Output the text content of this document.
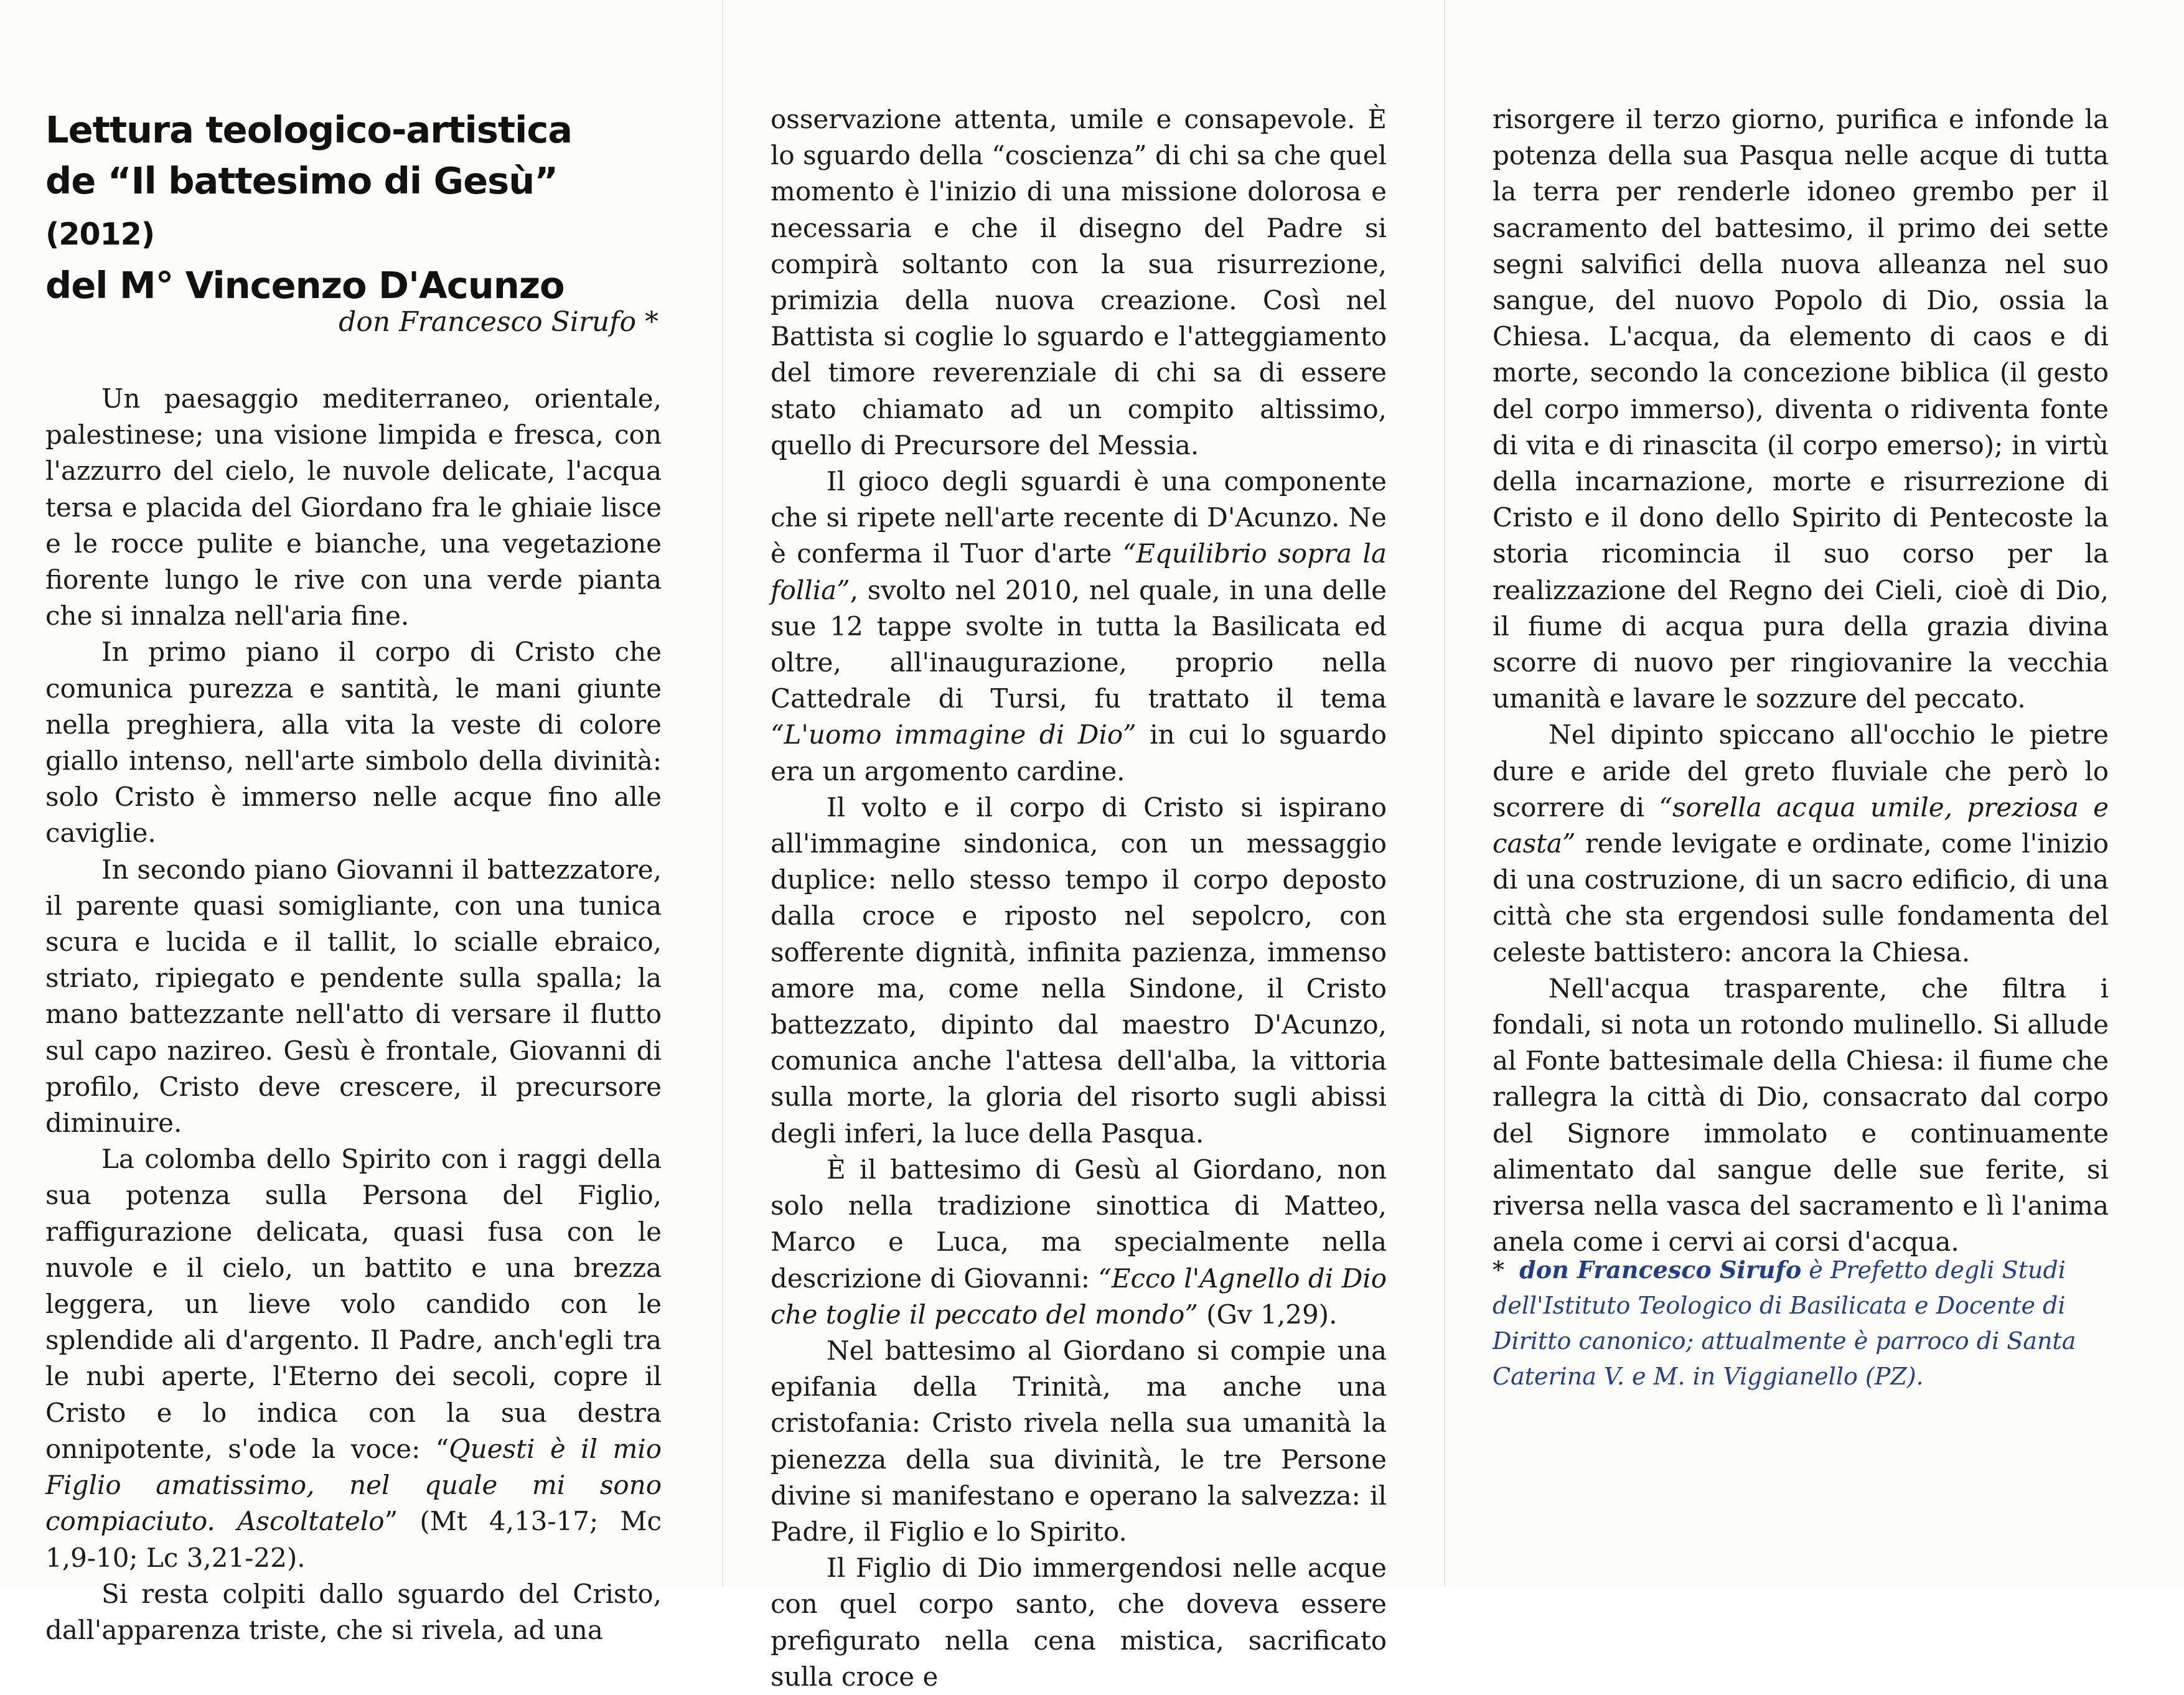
Lettura teologico-artistica
de “Il battesimo di Gesù” (2012)
del M° Vincenzo D'Acunzo
don Francesco Sirufo *

Un paesaggio mediterraneo, orientale, palestinese; una visione limpida e fresca, con l'azzurro del cielo, le nuvole delicate, l'acqua tersa e placida del Giordano fra le ghiaie lisce e le rocce pulite e bianche, una vegetazione fiorente lungo le rive con una verde pianta che si innalza nell'aria fine.

In primo piano il corpo di Cristo che comunica purezza e santità, le mani giunte nella preghiera, alla vita la veste di colore giallo intenso, nell'arte simbolo della divinità: solo Cristo è immerso nelle acque fino alle caviglie.

In secondo piano Giovanni il battezzatore, il parente quasi somigliante, con una tunica scura e lucida e il tallit, lo scialle ebraico, striato, ripiegato e pendente sulla spalla; la mano battezzante nell'atto di versare il flutto sul capo nazireo. Gesù è frontale, Giovanni di profilo, Cristo deve crescere, il precursore diminuire.

La colomba dello Spirito con i raggi della sua potenza sulla Persona del Figlio, raffigurazione delicata, quasi fusa con le nuvole e il cielo, un battito e una brezza leggera, un lieve volo candido con le splendide ali d'argento. Il Padre, anch'egli tra le nubi aperte, l'Eterno dei secoli, copre il Cristo e lo indica con la sua destra onnipotente, s'ode la voce: “Questi è il mio Figlio amatissimo, nel quale mi sono compiaciuto. Ascoltatelo” (Mt 4,13-17; Mc 1,9-10; Lc 3,21-22).

Si resta colpiti dallo sguardo del Cristo, dall'apparenza triste, che si rivela, ad una

osservazione attenta, umile e consapevole. È lo sguardo della “coscienza” di chi sa che quel momento è l'inizio di una missione dolorosa e necessaria e che il disegno del Padre si compirà soltanto con la sua risurrezione, primizia della nuova creazione. Così nel Battista si coglie lo sguardo e l'atteggiamento del timore reverenziale di chi sa di essere stato chiamato ad un compito altissimo, quello di Precursore del Messia.

Il gioco degli sguardi è una componente che si ripete nell'arte recente di D'Acunzo. Ne è conferma il Tuor d'arte “Equilibrio sopra la follia”, svolto nel 2010, nel quale, in una delle sue 12 tappe svolte in tutta la Basilicata ed oltre, all'inaugurazione, proprio nella Cattedrale di Tursi, fu trattato il tema “L'uomo immagine di Dio” in cui lo sguardo era un argomento cardine.

Il volto e il corpo di Cristo si ispirano all'immagine sindonica, con un messaggio duplice: nello stesso tempo il corpo deposto dalla croce e riposto nel sepolcro, con sofferente dignità, infinita pazienza, immenso amore ma, come nella Sindone, il Cristo battezzato, dipinto dal maestro D'Acunzo, comunica anche l'attesa dell'alba, la vittoria sulla morte, la gloria del risorto sugli abissi degli inferi, la luce della Pasqua.

È il battesimo di Gesù al Giordano, non solo nella tradizione sinottica di Matteo, Marco e Luca, ma specialmente nella descrizione di Giovanni: “Ecco l'Agnello di Dio che toglie il peccato del mondo” (Gv 1,29).

Nel battesimo al Giordano si compie una epifania della Trinità, ma anche una cristofania: Cristo rivela nella sua umanità la pienezza della sua divinità, le tre Persone divine si manifestano e operano la salvezza: il Padre, il Figlio e lo Spirito.

Il Figlio di Dio immergendosi nelle acque con quel corpo santo, che doveva essere prefigurato nella cena mistica, sacrificato sulla croce e

risorgere il terzo giorno, purifica e infonde la potenza della sua Pasqua nelle acque di tutta la terra per renderle idoneo grembo per il sacramento del battesimo, il primo dei sette segni salvifici della nuova alleanza nel suo sangue, del nuovo Popolo di Dio, ossia la Chiesa. L'acqua, da elemento di caos e di morte, secondo la concezione biblica (il gesto del corpo immerso), diventa o ridiventa fonte di vita e di rinascita (il corpo emerso); in virtù della incarnazione, morte e risurrezione di Cristo e il dono dello Spirito di Pentecoste la storia ricomincia il suo corso per la realizzazione del Regno dei Cieli, cioè di Dio, il fiume di acqua pura della grazia divina scorre di nuovo per ringiovanire la vecchia umanità e lavare le sozzure del peccato.

Nel dipinto spiccano all'occhio le pietre dure e aride del greto fluviale che però lo scorrere di “sorella acqua umile, preziosa e casta” rende levigate e ordinate, come l'inizio di una costruzione, di un sacro edificio, di una città che sta ergendosi sulle fondamenta del celeste battistero: ancora la Chiesa.

Nell'acqua trasparente, che filtra i fondali, si nota un rotondo mulinello. Si allude al Fonte battesimale della Chiesa: il fiume che rallegra la città di Dio, consacrato dal corpo del Signore immolato e continuamente alimentato dal sangue delle sue ferite, si riversa nella vasca del sacramento e lì l'anima anela come i cervi ai corsi d'acqua.

* don Francesco Sirufo è Prefetto degli Studi dell'Istituto Teologico di Basilicata e Docente di Diritto canonico; attualmente è parroco di Santa Caterina V. e M. in Viggianello (PZ).
